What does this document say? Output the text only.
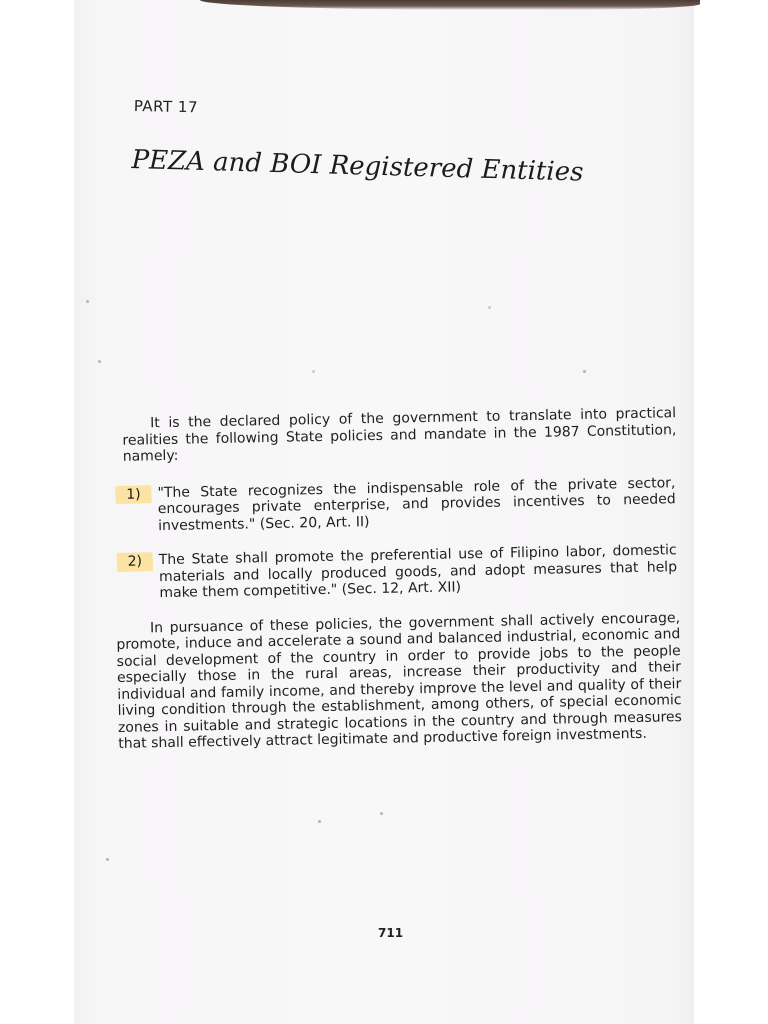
PART 17
PEZA and BOI Registered Entities

It is the declared policy of the government to translate into practical realities the following State policies and mandate in the 1987 Constitution, namely:

1)	"The State recognizes the indispensable role of the private sector, encourages private enterprise, and provides incentives to needed investments." (Sec. 20, Art. II)
2)	The State shall promote the preferential use of Filipino labor, domestic materials and locally produced goods, and adopt measures that help make them competitive." (Sec. 12, Art. XII)

In pursuance of these policies, the government shall actively encourage, promote, induce and accelerate a sound and balanced industrial, economic and social development of the country in order to provide jobs to the people especially those in the rural areas, increase their productivity and their individual and family income, and thereby improve the level and quality of their living condition through the establishment, among others, of special economic zones in suitable and strategic locations in the country and through measures that shall effectively attract legitimate and productive foreign investments.

711
